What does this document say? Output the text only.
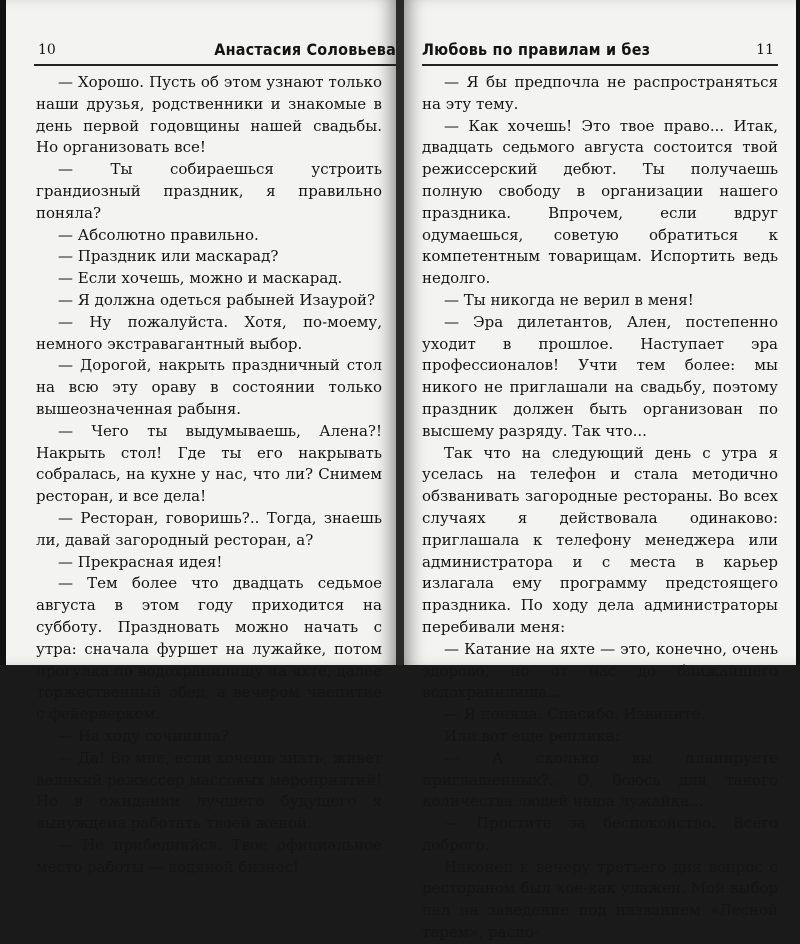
10	Анастасия Соловьева

— Хорошо. Пусть об этом узнают только наши друзья, родственники и знакомые в день первой годовщины нашей свадьбы. Но организовать все!

— Ты собираешься устроить грандиозный праздник, я правильно поняла?

— Абсолютно правильно.

— Праздник или маскарад?

— Если хочешь, можно и маскарад.

— Я должна одеться рабыней Изаурой?

— Ну пожалуйста. Хотя, по-моему, немного экстравагантный выбор.

— Дорогой, накрыть праздничный стол на всю эту ораву в состоянии только вышеозначенная рабыня.

— Чего ты выдумываешь, Алена?! Накрыть стол! Где ты его накрывать собралась, на кухне у нас, что ли? Снимем ресторан, и все дела!

— Ресторан, говоришь?.. Тогда, знаешь ли, давай загородный ресторан, а?

— Прекрасная идея!

— Тем более что двадцать седьмое августа в этом году приходится на субботу. Праздновать можно начать с утра: сначала фуршет на лужайке, потом прогулка по водохранилищу на яхте, далее торжественный обед, а вечером чаепитие с фейерверком.

— На ходу сочинила?

— Да! Во мне, если хочешь знать, живет великий режиссер массовых мероприятий! Но в ожидании лучшего будущего я вынуждена работать твоей женой.

— Не прибедняйся. Твое официальное место работы — водяной бизнес!

Любовь по правилам и без	11

— Я бы предпочла не распространяться на эту тему.

— Как хочешь! Это твое право... Итак, двадцать седьмого августа состоится твой режиссерский дебют. Ты получаешь полную свободу в организации нашего праздника. Впрочем, если вдруг одумаешься, советую обратиться к компетентным товарищам. Испортить ведь недолго.

— Ты никогда не верил в меня!

— Эра дилетантов, Ален, постепенно уходит в прошлое. Наступает эра профессионалов! Учти тем более: мы никого не приглашали на свадьбу, поэтому праздник должен быть организован по высшему разряду. Так что...

Так что на следующий день с утра я уселась на телефон и стала методично обзванивать загородные рестораны. Во всех случаях я действовала одинаково: приглашала к телефону менеджера или администратора и с места в карьер излагала ему программу предстоящего праздника. По ходу дела администраторы перебивали меня:

— Катание на яхте — это, конечно, очень здорово, но от нас до ближайшего водохранилища...

— Я поняла. Спасибо. Извините.

Или вот еще реплика:

— А сколько вы планируете приглашенных?.. О, боюсь для такого количества людей наша лужайка...

— Простите за беспокойство. Всего доброго.

Наконец к вечеру третьего дня вопрос с рестораном был кое-как улажен. Мой выбор пал на заведение под названием «Лесной терем», распо-
